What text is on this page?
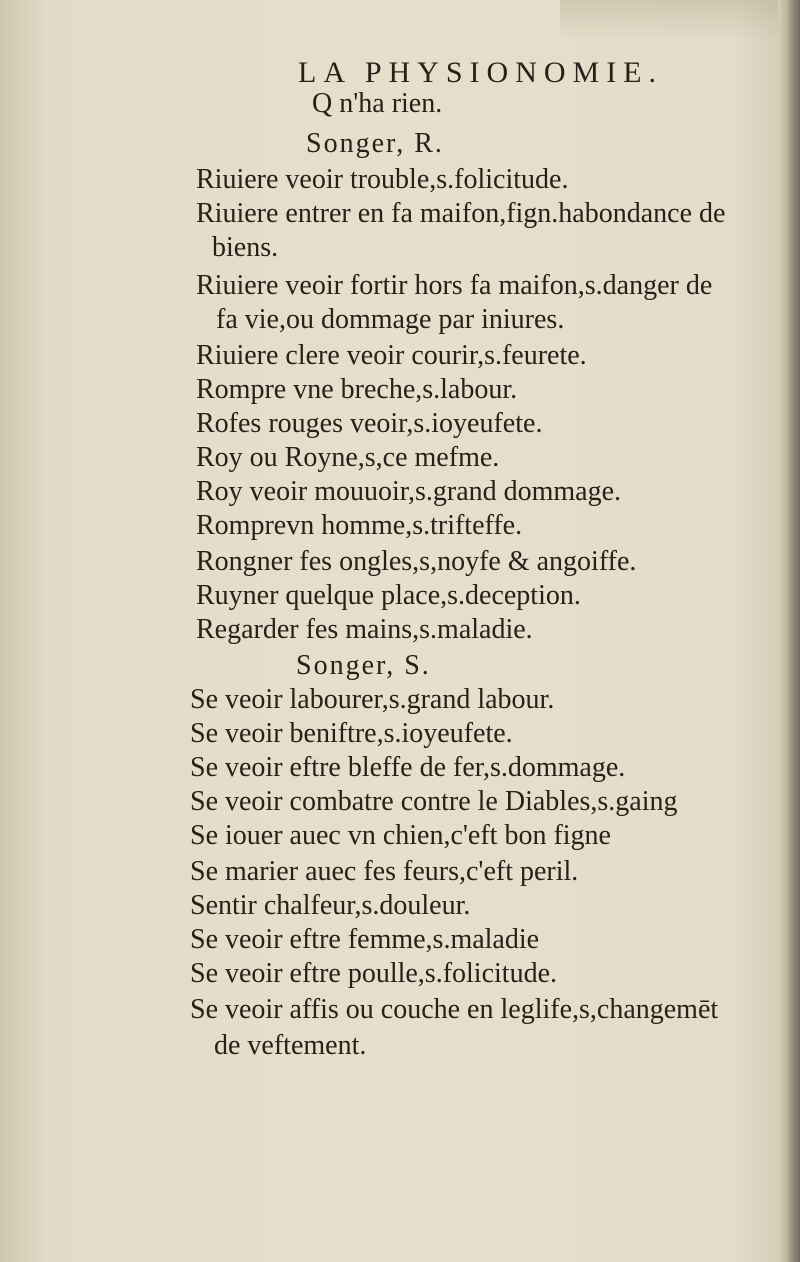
LA PHYSIONOMIE.
Q n'ha rien.
Songer, R.
Riuiere veoir trouble,s.folicitude.
Riuiere entrer en fa maifon,fign.habondance de
biens.
Riuiere veoir fortir hors fa maifon,s.danger de
fa vie,ou dommage par iniures.
Riuiere clere veoir courir,s.feurete.
Rompre vne breche,s.labour.
Rofes rouges veoir,s.ioyeufete.
Roy ou Royne,s,ce mefme.
Roy veoir mouuoir,s.grand dommage.
Romprevn homme,s.trifteffe.
Rongner fes ongles,s,noyfe & angoiffe.
Ruyner quelque place,s.deception.
Regarder fes mains,s.maladie.
Songer, S.
Se veoir labourer,s.grand labour.
Se veoir beniftre,s.ioyeufete.
Se veoir eftre bleffe de fer,s.dommage.
Se veoir combatre contre le Diables,s.gaing
Se iouer auec vn chien,c'eft bon figne
Se marier auec fes feurs,c'eft peril.
Sentir chalfeur,s.douleur.
Se veoir eftre femme,s.maladie
Se veoir eftre poulle,s.folicitude.
Se veoir affis ou couche en leglife,s,changemēt
de veftement.
